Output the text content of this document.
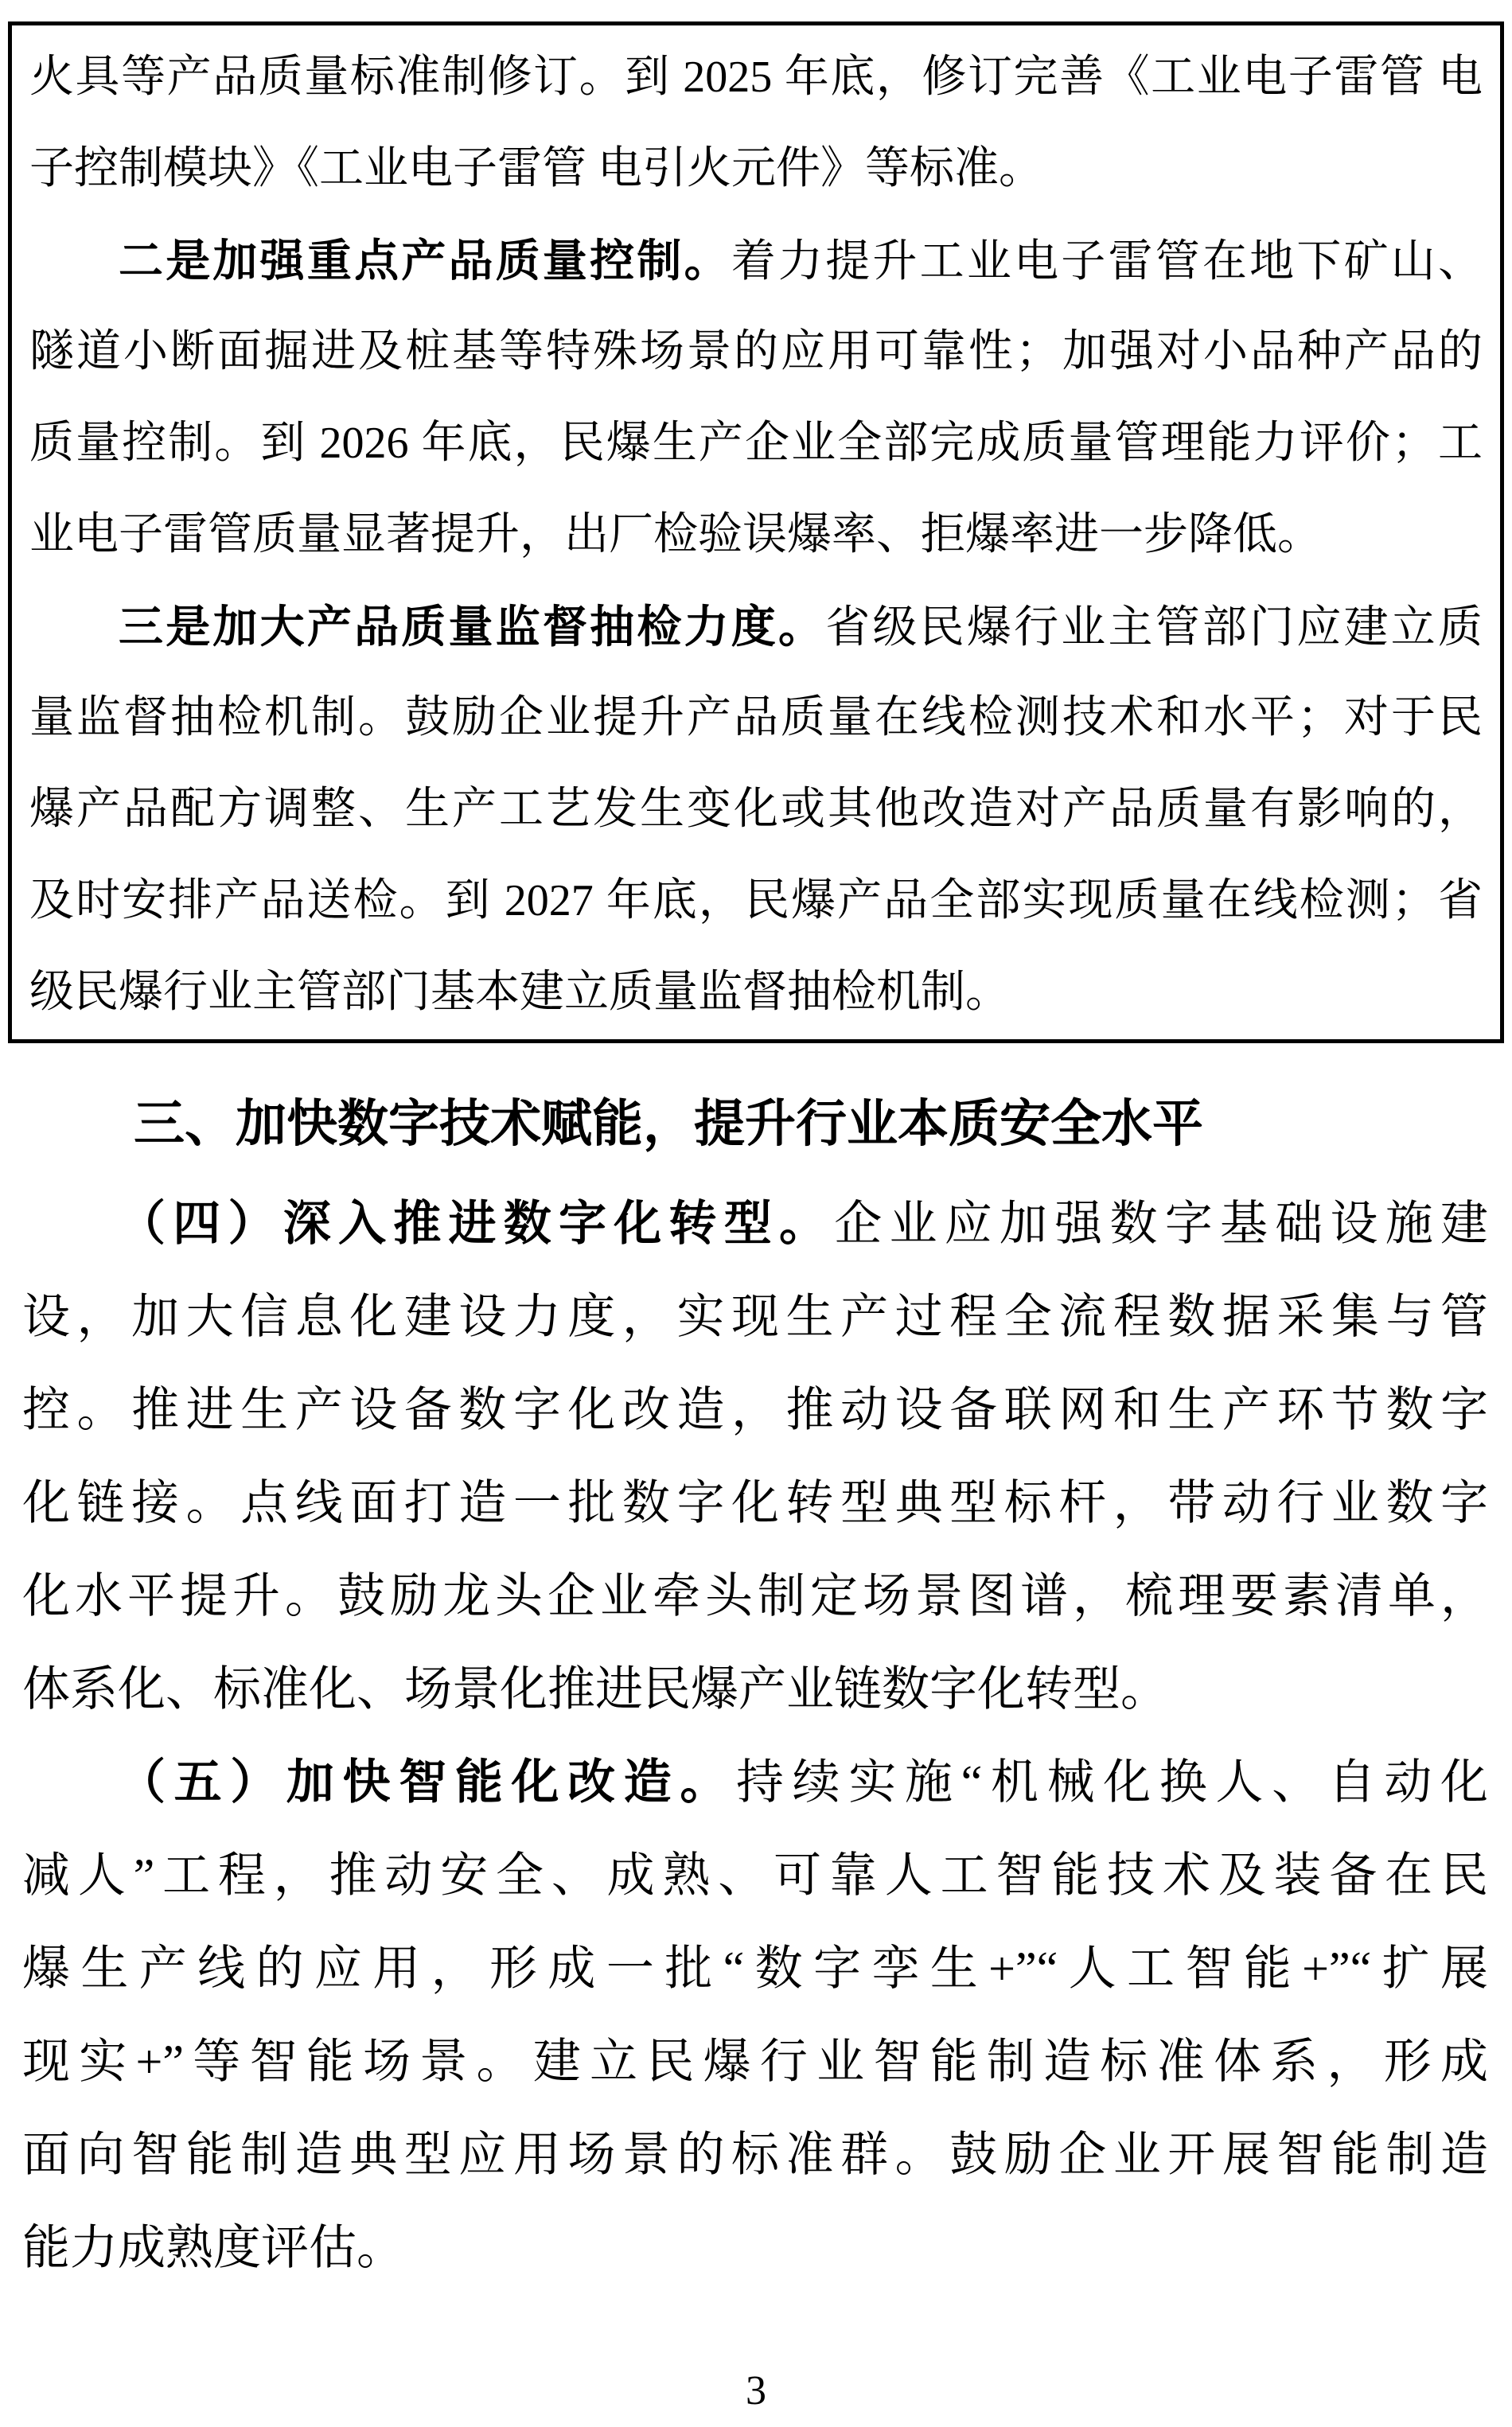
火具等产品质量标准制修订。到 2025 年底，修订完善《工业电子雷管 电
子控制模块》《工业电子雷管 电引火元件》等标准。
二是加强重点产品质量控制。着力提升工业电子雷管在地下矿山、
隧道小断面掘进及桩基等特殊场景的应用可靠性；加强对小品种产品的
质量控制。到 2026 年底，民爆生产企业全部完成质量管理能力评价；工
业电子雷管质量显著提升，出厂检验误爆率、拒爆率进一步降低。
三是加大产品质量监督抽检力度。省级民爆行业主管部门应建立质
量监督抽检机制。鼓励企业提升产品质量在线检测技术和水平；对于民
爆产品配方调整、生产工艺发生变化或其他改造对产品质量有影响的，
及时安排产品送检。到 2027 年底，民爆产品全部实现质量在线检测；省
级民爆行业主管部门基本建立质量监督抽检机制。
三、加快数字技术赋能，提升行业本质安全水平
（四）深入推进数字化转型。企业应加强数字基础设施建
设，加大信息化建设力度，实现生产过程全流程数据采集与管
控。推进生产设备数字化改造，推动设备联网和生产环节数字
化链接。点线面打造一批数字化转型典型标杆，带动行业数字
化水平提升。鼓励龙头企业牵头制定场景图谱，梳理要素清单，
体系化、标准化、场景化推进民爆产业链数字化转型。
（五）加快智能化改造。持续实施“机械化换人、自动化
减人”工程，推动安全、成熟、可靠人工智能技术及装备在民
爆生产线的应用，形成一批“数字孪生+”“人工智能+”“扩展
现实+”等智能场景。建立民爆行业智能制造标准体系，形成
面向智能制造典型应用场景的标准群。鼓励企业开展智能制造
能力成熟度评估。
3
